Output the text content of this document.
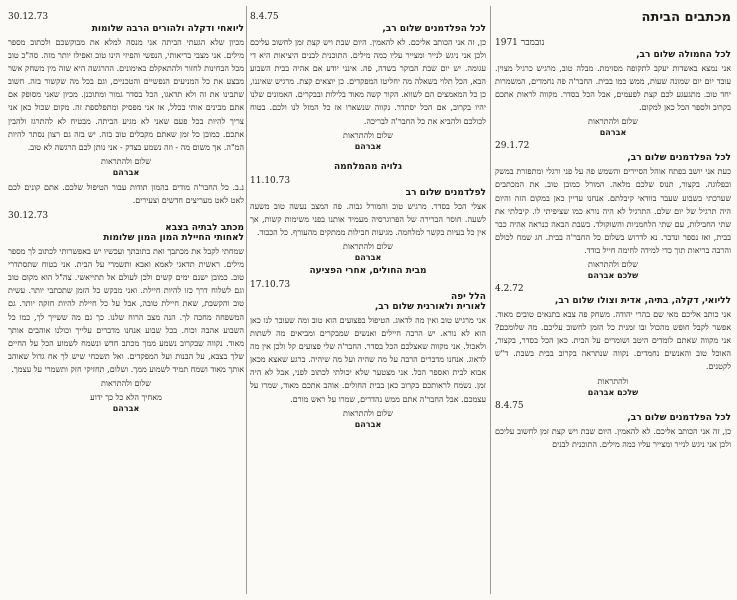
מכתבים הביתה
נובמבר 1971
לכל החמולה שלום רב,

אני נמצא באשדות יעקב לתקופה מסוימת. מבלה טוב, מרגיש כרגיל מצוין. עובד יום יום שמונה שעות, ממש כמו בבית. החבר'ה פה נחמדים, המשמרות יחד טוב. מתגעגע לכם קצת לפעמים, אבל הכל בסדר. מקווה לראות אתכם בקרוב ולספר הכל כאן למקום.

שלום ולהתראות
אברהם
29.1.72
לכל הפלדמנים שלום רב,

כעת אני יושב בפתח אוהל הסיירים והשמש פה על פני ורגלי ומתפזרת במשק ובפלוגה. בקצור, תנוס שלכם מלאה. המורל כמובן טוב. את המכתבים שערכתי בשבוע שעבר בוודאי קיבלתם. אנחנו עדיין כאן במקום הזה והיום היה תרגיל של יום שלם. התרגיל לא היה נורא כמו שציפיתי לו. קיבלתי את שתי החבילות, עם שתי הלחמניות והשוקולד. בשבת הבאה כנראה אהיה כבר בבית, ואז נספר ונדבר. נא לדרוש בשלום כל החבר'ה בבית. חג שמח לכולם והרבה בריאות תוך כדי למידה לחימה חייל בודד.

שלום ולהתראות
שלכם אברהם
4.2.72
לליואי, דקלה, בתיה, אדית וצולו שלום רב,

אני כותב אליכם מאי שם בהרי יהודה. משחק פה צבא בתנאים טובים מאוד. אפשר לקבל חופש מהכול ובו זמנית כל הזמן לחשוב עליכם. מה שלומכם? אני מקווה שאתם לומדים היטב ושומרים על הבית. כאן הכל בסדר, בקצור, האוכל טוב והאנשים נחמדים. נקווה שנתראה בקרוב בבית בשבת. ד"ש לקטנים.

ולהתראות
שלכם אברהם
8.4.75
לכל הפלדמנים שלום רב,

כן, זה אני הכותב אליכם. לא להאמין. היום שבת ויש קצת זמן לחשוב עליכם ולכן אני ניגש לנייר ומצייר עליו כמה מילים. התוכנית לבנים

8.4.75
לכל הפלדמנים שלום רב,

כן, זה אני הכותב אליכם. לא להאמין. היום שבת ויש קצת זמן לחשוב עליכם ולכן אני ניגש לנייר ומצייר עליו כמה מילים. התוכנית לבנים היציאות היא די עגומה. יש יום שבת הבוקר בשדה, פה. אינני יודע אם אהיה בבית השבוע הבא, הכל תלוי בשאלה מה יחליטו המפקדים. כן יוצאים קצת. מרגיש שאיננו, כן כל המאמצים הם לשווא. הקור קשה מאוד בלילות ובבקרים. האמונים שלנו יהיו בקרוב, אם הכל יסתדר. נקווה שנשארו אז כל המזל לנו ולכם. בטוח לכולכם ולהביא את כל החבר'ה לבריכה.

שלום ולהתראות
אברהם
גלויה מהמלחמה
11.10.73
לפלדמנים שלום רב

אצלי הכל בסדר. מרגיש טוב והמורל גבוה. פה המצב נעשה טוב משעה לשעה. חוסר הברירה של הפרוגרסיה מעמיד אותנו בפני משימות קשות, אך אין כל בעיות בקשר למלחמה. מגיעות חבילות ממתקים מהעורף. כל הכבוד.

שלום ולהתראות
אברהם
מבית החולים, אחרי הפציעה
17.10.73
הלל יפה
לאורית ולאורנית שלום רב,

אני מרגיש טוב ואין מה לדאוג. הטיפול בפצועים הוא טוב ומה שעובר לנו כאן הוא לא נורא. יש הרבה חיילים ואנשים שמבקרים ומביאים מה לשתות ולאכול. אני מקווה שאצלכם הכל בסדר. החבר'ה שלי פצועים קל ולכן אין מה לדאוג. אנחנו מדברים הרבה על מה שהיה ועל מה שיהיה. ברגע שאצא מכאן אבוא לבית ואספר הכל. אני מצטער שלא יכולתי לכתוב לפני, אבל לא היה זמן. נשמח לראותכם בקרוב כאן בבית החולים. אוהב אתכם מאוד, שמרו על עצמכם. אבל החבר'ה אתם ממש נהדרים, שמרו על ראש מורם.

שלום ולהתראות
אברהם
30.12.73
ליואחי ודקלה ולהורים הרבה שלומות

מכיון שלא הגעתי הביתה אני מנסה למלא את מבוקשכם ולכתוב מספר מילים. אני מצבי בריאותי, הנפשי והפיזי הינו טוב ואפילו יותר מזה. סה"כ טוב מכל הבחינות לחזור ולהתאקלם באימונים. ההרגשה היא שזה מין משחק אשר מבצע את כל המניעים הנפשיים והטכניים, וגם בכל מה שקשור בזה. חשוב שתבינו את זה ולא תדאגו, הכל בסדר גמור ומתוכנן. מכיון שאני מסופק אם אתם מבינים אותי בכלל, אז אני מפסיק ומתפלספת זה. מקום שכול כאן אני צריך להיות בכל פעם שאני לא מגיע הביתה. מבטיח לא להתרגז ולהבין אתכם. כמובן כל זמן שאתם מקבלים טוב בזה. יש בזה גם רצון נסתר להיות המ"ה. אך משום מה - וזה נשמע בצדק - אני נותן לכם הרגשה לא טוב.

שלום ולהתראות
אברהם

נ.ב. כל החבר'ה מודים בהמון תודות עבור הטיפול שלכם. אתם קונים לכם לאט לאט מעריצים חדשים וצעירים.

30.12.73
מכתב לבתיה בצבא
לאחותי החיילת המון המון שלומות

שמחתי לקבל את מכתבך ואת כתובתך ועכשיו יש באפשרותי לכתוב לך מספר מילים. ראשית תדאגי לאמא ואבא ותשמרי על הבית. אני בטוח שתסתדרי טוב. כמובן ישנם ימים קשים ולכן לעולם אל תתייאשי. צה"ל הוא מקום טוב וגם לשלוח דרך כזו להיות חיילת. ואני מבקש כל הזמן שתכתבי יותר. עשית טוב והקשבת, שאת חיילת טובה, אבל על כל חיילת להיות חזקה יותר. גם המשפחה מחכה לך. הנה מצב הרוח שלנו. כך גם מה ששייך לך, כמו כל השבוע אהבה וכוח. בכל שבוע אנחנו מדברים עלייך וכולנו אוהבים אותך מאוד. נקווה שבקרוב נשמע ממך מכתב חדש ונשמח לשמוע הכל על החיים שלך בצבא, על הבנות ועל המפקדים. ואל תשכחי שיש לך אח גדול שאוהב אותך מאוד ושמח תמיד לשמוע ממך. ושלום, תחזיקי חזק ותשמרי על עצמך.

שלום ולהתראות
מאחיך הלא כל כך ידוע
אברהם
